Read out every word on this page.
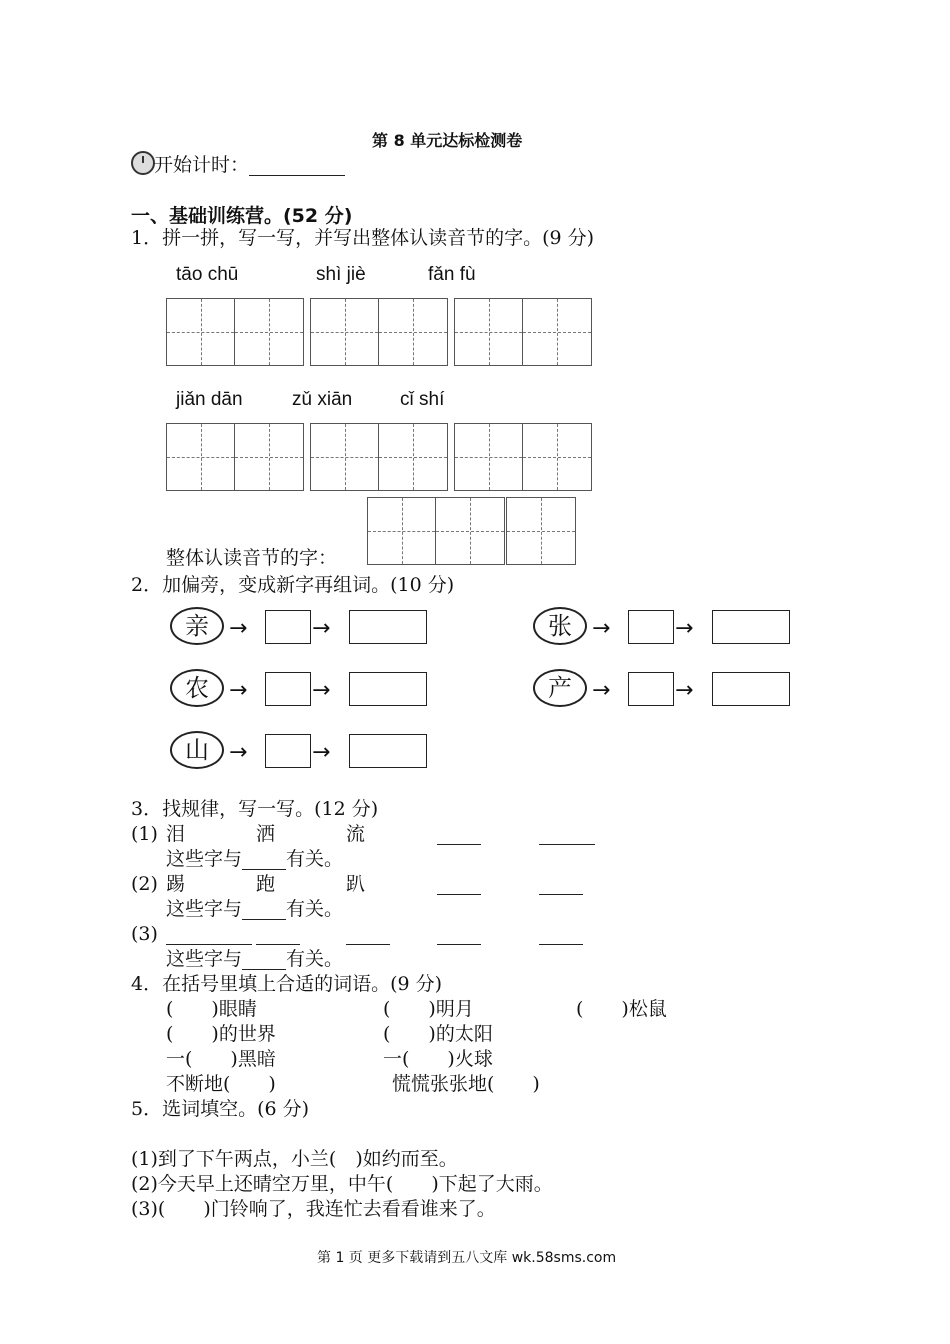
第 8 单元达标检测卷
开始计时：
一、基础训练营。(52 分)
1．拼一拼，写一写，并写出整体认读音节的字。(9 分)
tāo chū	shì jiè	fǎn fù
jiǎn dān	zǔ xiān	cǐ shí
整体认读音节的字：
2．加偏旁，变成新字再组词。(10 分)
亲 →	→	张 →	→
农 →	→	产 →	→
山 →	→
3．找规律，写一写。(12 分)
(1) 泪	洒	流
这些字与 有关。
(2) 踢	跑	趴
这些字与 有关。
(3)
这些字与 有关。
4．在括号里填上合适的词语。(9 分)
(　　)眼睛	(　　)明月	(　　)松鼠
(　　)的世界	(　　)的太阳
一(　　)黑暗	一(　　)火球
不断地(　　)	慌慌张张地(　　)
5．选词填空。(6 分)
(1)到了下午两点，小兰(　)如约而至。
(2)今天早上还晴空万里，中午(　　)下起了大雨。
(3)(　　)门铃响了，我连忙去看看谁来了。
第 1 页 更多下载请到五八文库 wk.58sms.com
